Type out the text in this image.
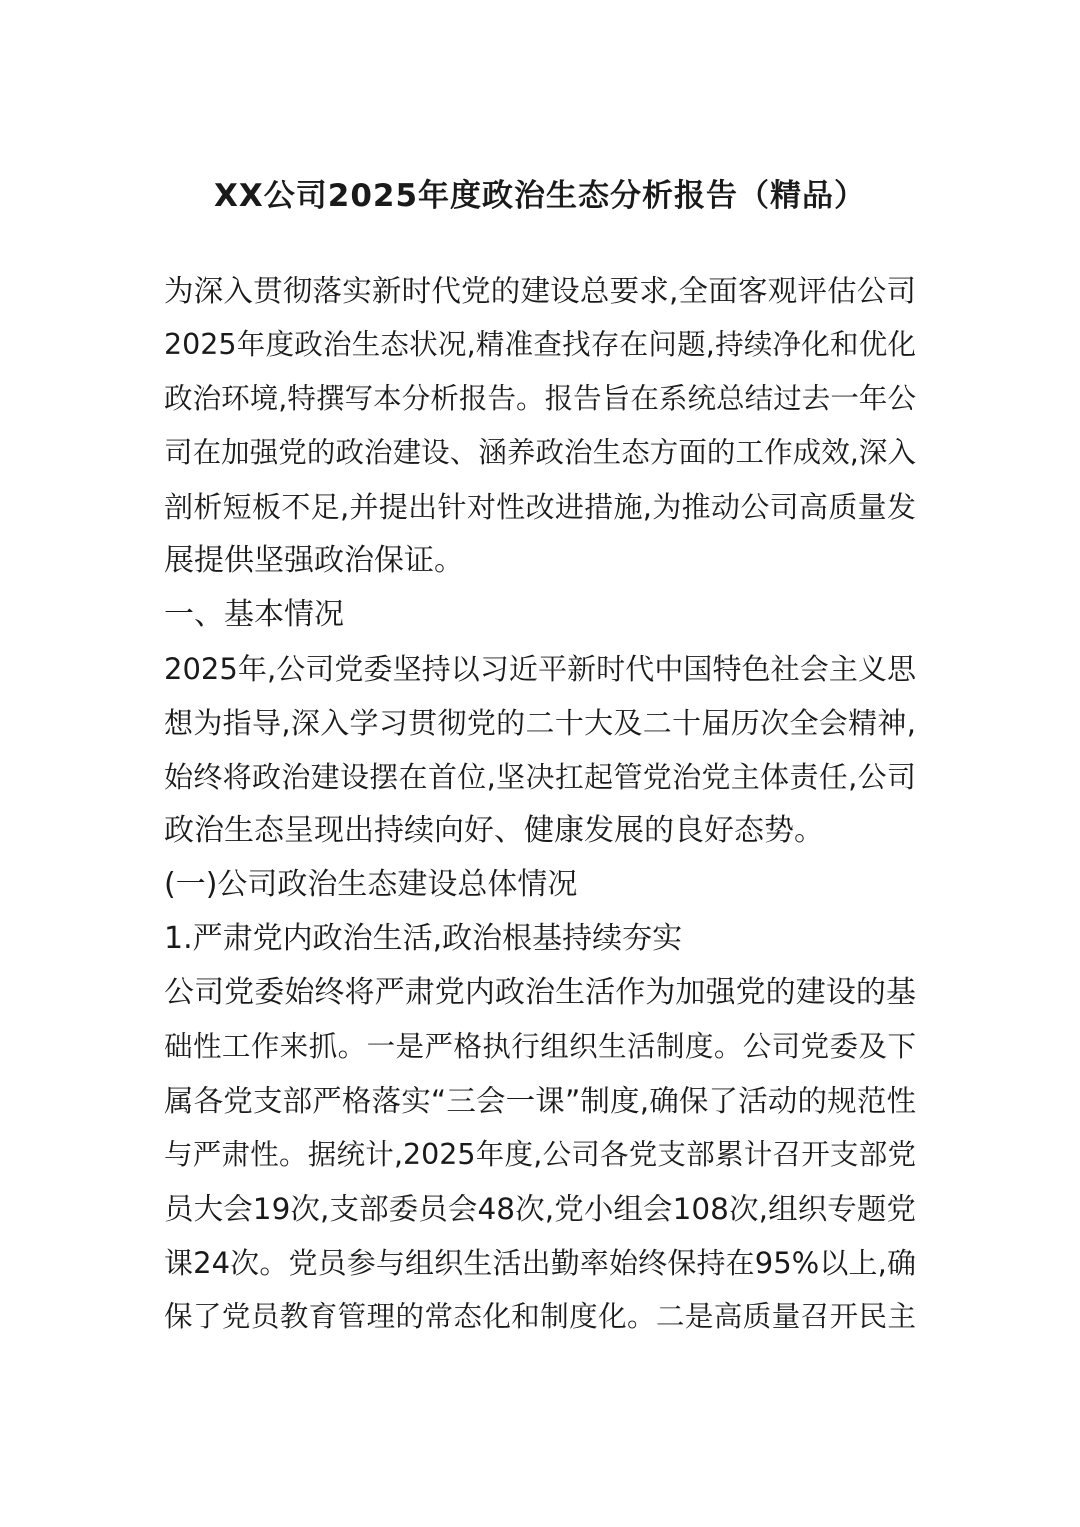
XX公司2025年度政治生态分析报告（精品）
为深入贯彻落实新时代党的建设总要求,全面客观评估公司
2025年度政治生态状况,精准查找存在问题,持续净化和优化
政治环境,特撰写本分析报告。报告旨在系统总结过去一年公
司在加强党的政治建设、涵养政治生态方面的工作成效,深入
剖析短板不足,并提出针对性改进措施,为推动公司高质量发
展提供坚强政治保证。
一、基本情况
2025年,公司党委坚持以习近平新时代中国特色社会主义思
想为指导,深入学习贯彻党的二十大及二十届历次全会精神,
始终将政治建设摆在首位,坚决扛起管党治党主体责任,公司
政治生态呈现出持续向好、健康发展的良好态势。
(一)公司政治生态建设总体情况
1.严肃党内政治生活,政治根基持续夯实
公司党委始终将严肃党内政治生活作为加强党的建设的基
础性工作来抓。一是严格执行组织生活制度。公司党委及下
属各党支部严格落实“三会一课”制度,确保了活动的规范性
与严肃性。据统计,2025年度,公司各党支部累计召开支部党
员大会19次,支部委员会48次,党小组会108次,组织专题党
课24次。党员参与组织生活出勤率始终保持在95%以上,确
保了党员教育管理的常态化和制度化。二是高质量召开民主
